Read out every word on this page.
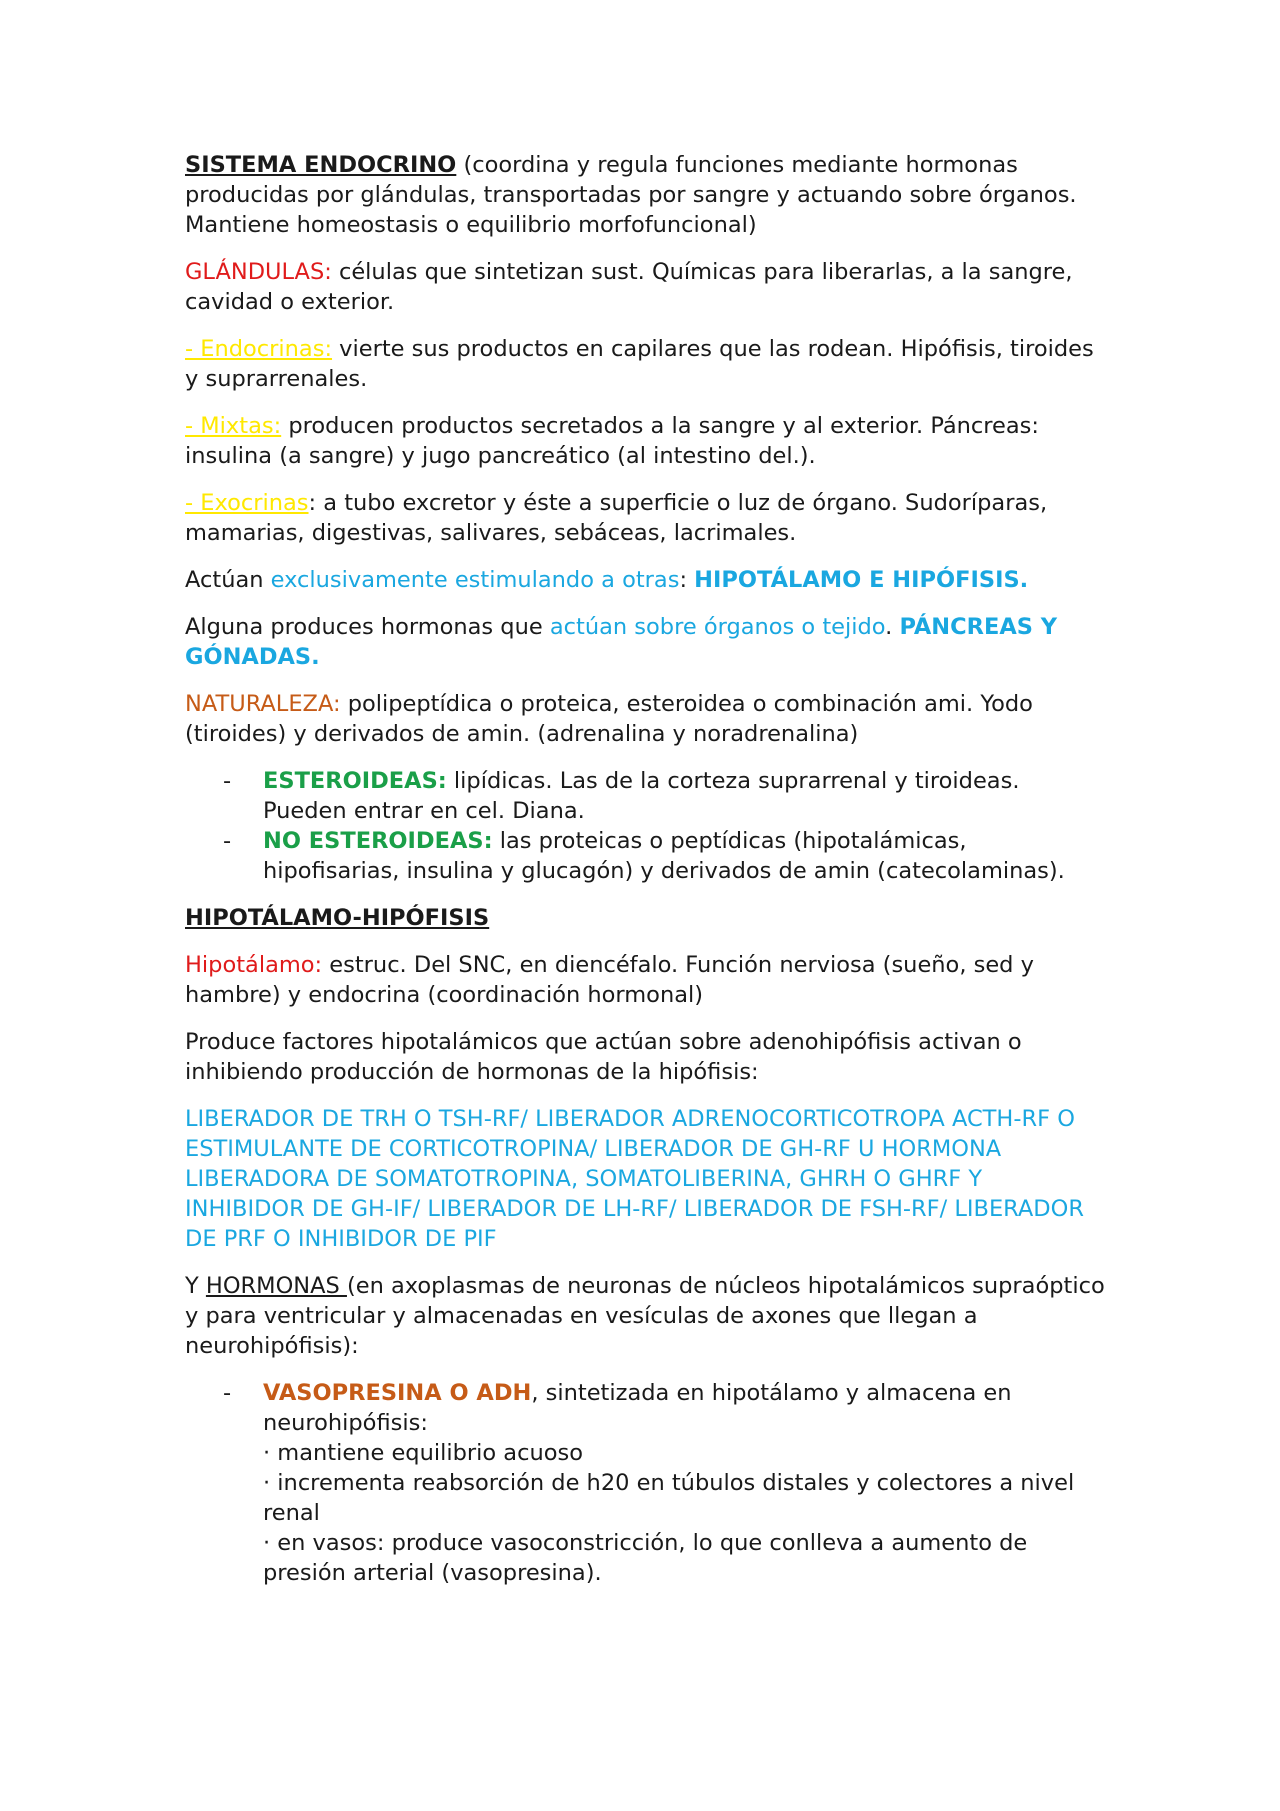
SISTEMA ENDOCRINO (coordina y regula funciones mediante hormonas producidas por glándulas, transportadas por sangre y actuando sobre órganos. Mantiene homeostasis o equilibrio morfofuncional)

GLÁNDULAS: células que sintetizan sust. Químicas para liberarlas, a la sangre, cavidad o exterior.

- Endocrinas: vierte sus productos en capilares que las rodean. Hipófisis, tiroides y suprarrenales.

- Mixtas: producen productos secretados a la sangre y al exterior. Páncreas: insulina (a sangre) y jugo pancreático (al intestino del.).

- Exocrinas: a tubo excretor y éste a superficie o luz de órgano. Sudoríparas, mamarias, digestivas, salivares, sebáceas, lacrimales.

Actúan exclusivamente estimulando a otras: HIPOTÁLAMO E HIPÓFISIS.

Alguna produces hormonas que actúan sobre órganos o tejido. PÁNCREAS Y GÓNADAS.

NATURALEZA: polipeptídica o proteica, esteroidea o combinación ami. Yodo (tiroides) y derivados de amin. (adrenalina y noradrenalina)

- ESTEROIDEAS: lipídicas. Las de la corteza suprarrenal y tiroideas. Pueden entrar en cel. Diana.
- NO ESTEROIDEAS: las proteicas o peptídicas (hipotalámicas, hipofisarias, insulina y glucagón) y derivados de amin (catecolaminas).

HIPOTÁLAMO-HIPÓFISIS

Hipotálamo: estruc. Del SNC, en diencéfalo. Función nerviosa (sueño, sed y hambre) y endocrina (coordinación hormonal)

Produce factores hipotalámicos que actúan sobre adenohipófisis activan o inhibiendo producción de hormonas de la hipófisis:

LIBERADOR DE TRH O TSH-RF/ LIBERADOR ADRENOCORTICOTROPA ACTH-RF O ESTIMULANTE DE CORTICOTROPINA/ LIBERADOR DE GH-RF U HORMONA LIBERADORA DE SOMATOTROPINA, SOMATOLIBERINA, GHRH O GHRF Y INHIBIDOR DE GH-IF/ LIBERADOR DE LH-RF/ LIBERADOR DE FSH-RF/ LIBERADOR DE PRF O INHIBIDOR DE PIF

Y HORMONAS (en axoplasmas de neuronas de núcleos hipotalámicos supraóptico y para ventricular y almacenadas en vesículas de axones que llegan a neurohipófisis):

- VASOPRESINA O ADH, sintetizada en hipotálamo y almacena en neurohipófisis:
· mantiene equilibrio acuoso
· incrementa reabsorción de h20 en túbulos distales y colectores a nivel renal
· en vasos: produce vasoconstricción, lo que conlleva a aumento de presión arterial (vasopresina).
